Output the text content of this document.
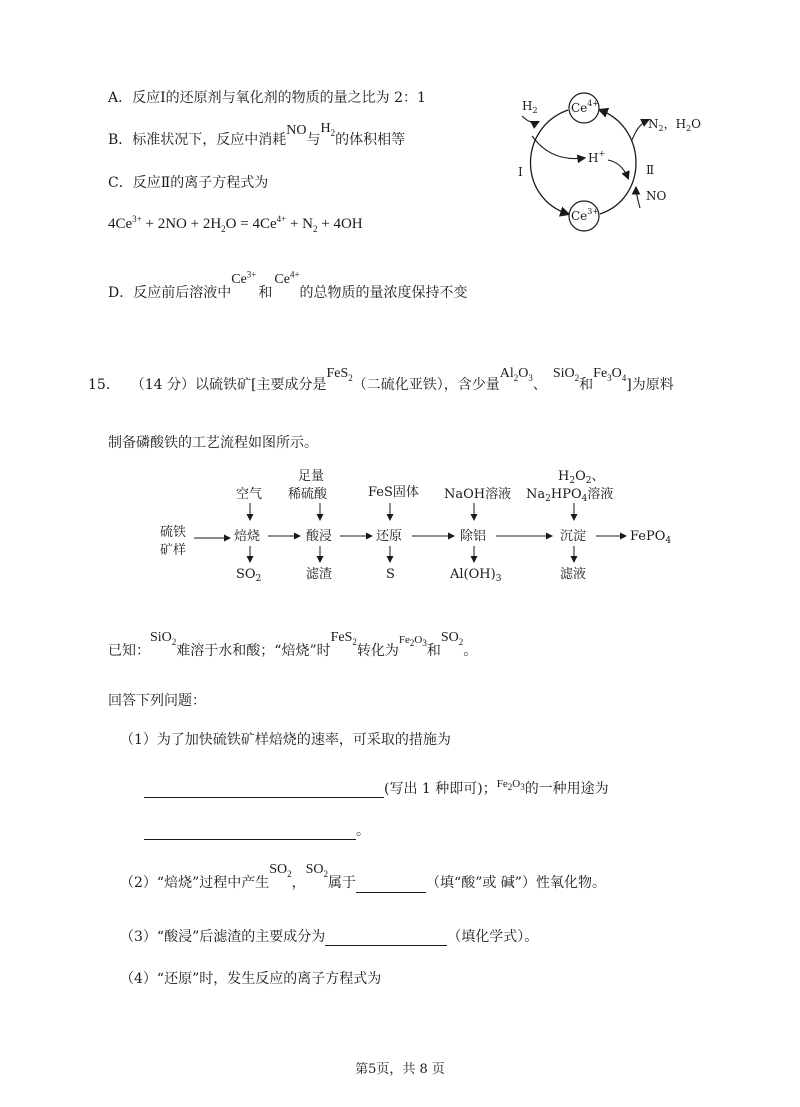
A．反应Ⅰ的还原剂与氧化剂的物质的量之比为 2：1
B．标准状况下，反应中消耗NO与$H_2$的体积相等
C．反应Ⅱ的离子方程式为
$4Ce^{3+} + 2NO + 2H_2O = 4Ce^{4+} + N_2 + 4OH$
D．反应前后溶液中$Ce^{3+}$和$Ce^{4+}$的总物质的量浓度保持不变
$Ce^{4+}$
$Ce^{3+}$
$H_2$
H+
$N_2$，$H_2O$
NO
Ⅰ	Ⅱ
15. （14 分）以硫铁矿[主要成分是FeS$_2$（二硫化亚铁），含少量$Al_2O_3$、SiO$_2$和$Fe_3O_4$]为原料
制备磷酸铁的工艺流程如图所示。
硫铁
矿样
空气
焙烧
$SO_2$
足量
稀硫酸
酸浸
滤渣
FeS固体
还原
S
NaOH溶液
除铝
$Al(OH)_3$
$H_2O_2$、
$Na_2HPO_4$溶液
沉淀
滤液
FePO$_4$
已知：SiO$_2$难溶于水和酸；“焙烧”时FeS$_2$转化为$^{Fe_2O_3}$和$SO_2$。
回答下列问题：
（1）为了加快硫铁矿样焙烧的速率，可采取的措施为
(写出 1 种即可)；$^{Fe_2O_3}$的一种用途为
。
（2）“焙烧”过程中产生$SO_2$，$SO_2$属于	（填“酸”或 碱”）性氧化物。
（3）“酸浸”后滤渣的主要成分为	（填化学式）。
（4）“还原”时，发生反应的离子方程式为
第5页，共 8 页
